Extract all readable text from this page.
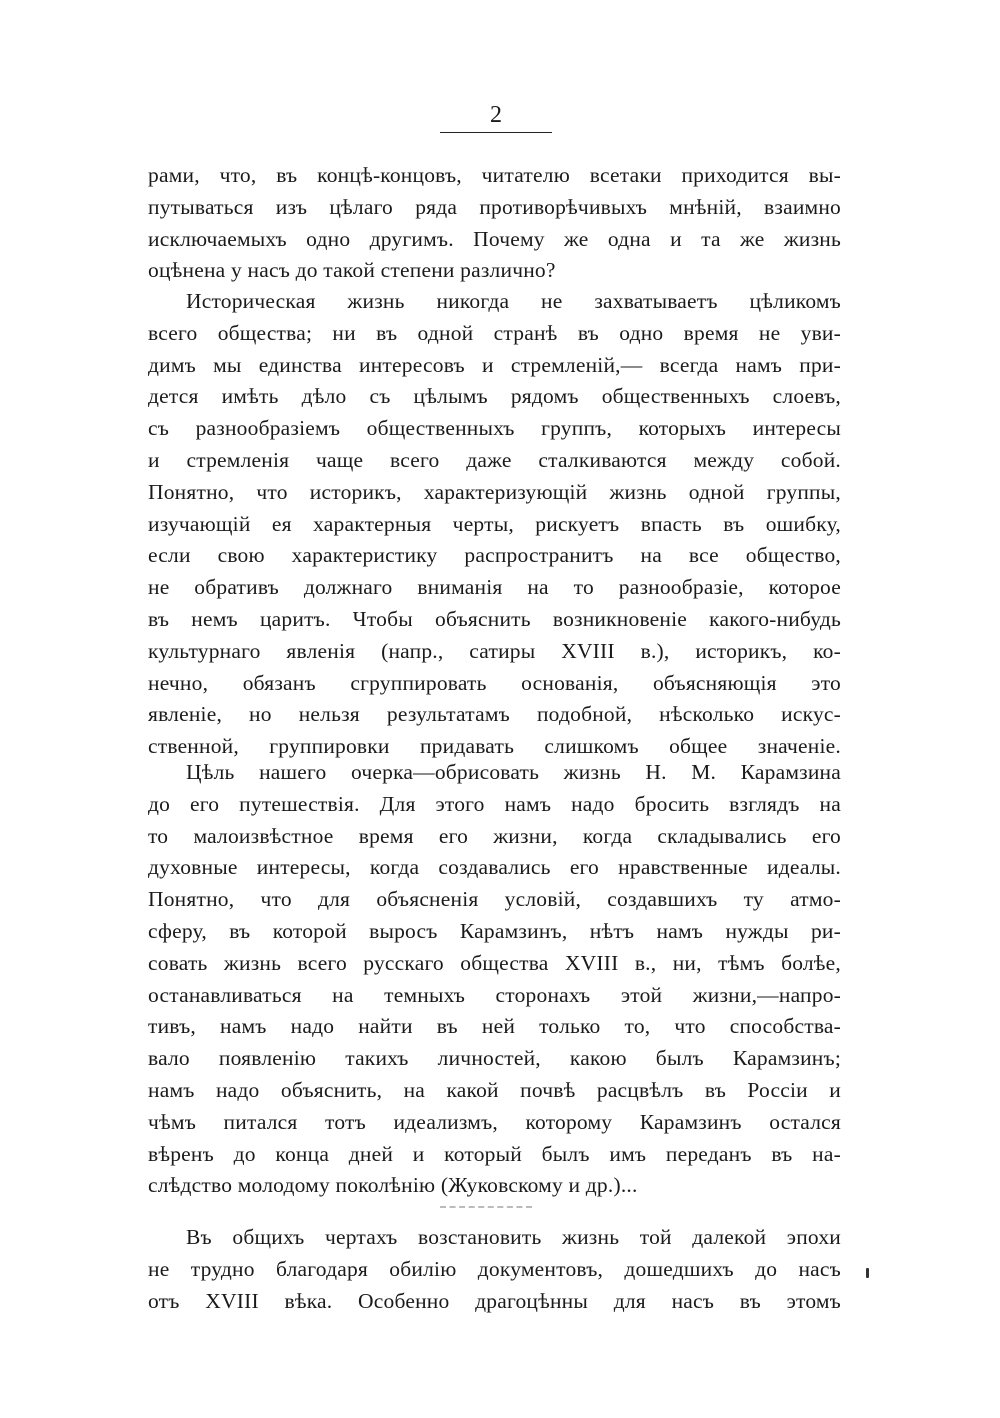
2
рами, что, въ концѣ-концовъ, читателю всетаки приходится вы-
путываться изъ цѣлаго ряда противорѣчивыхъ мнѣній, взаимно
исключаемыхъ одно другимъ. Почему же одна и та же жизнь
оцѣнена у насъ до такой степени различно?
Историческая жизнь никогда не захватываетъ цѣликомъ
всего общества; ни въ одной странѣ въ одно время не уви-
димъ мы единства интересовъ и стремленій,— всегда намъ при-
дется имѣть дѣло съ цѣлымъ рядомъ общественныхъ слоевъ,
съ разнообразіемъ общественныхъ группъ, которыхъ интересы
и стремленія чаще всего даже сталкиваются между собой.
Понятно, что историкъ, характеризующій жизнь одной группы,
изучающій ея характерныя черты, рискуетъ впасть въ ошибку,
если свою характеристику распространитъ на все общество,
не обративъ должнаго вниманія на то разнообразіе, которое
въ немъ царитъ. Чтобы объяснить возникновеніе какого-нибудь
культурнаго явленія (напр., сатиры XVIII в.), историкъ, ко-
нечно, обязанъ сгруппировать основанія, объясняющія это
явленіе, но нельзя результатамъ подобной, нѣсколько искус-
ственной, группировки придавать слишкомъ общее значеніе.
Цѣль нашего очерка—обрисовать жизнь Н. М. Карамзина
до его путешествія. Для этого намъ надо бросить взглядъ на
то малоизвѣстное время его жизни, когда складывались его
духовные интересы, когда создавались его нравственные идеалы.
Понятно, что для объясненія условій, создавшихъ ту атмо-
сферу, въ которой выросъ Карамзинъ, нѣтъ намъ нужды ри-
совать жизнь всего русскаго общества XVIII в., ни, тѣмъ болѣе,
останавливаться на темныхъ сторонахъ этой жизни,—напро-
тивъ, намъ надо найти въ ней только то, что способства-
вало появленію такихъ личностей, какою былъ Карамзинъ;
намъ надо объяснить, на какой почвѣ расцвѣлъ въ Россіи и
чѣмъ питался тотъ идеализмъ, которому Карамзинъ остался
вѣренъ до конца дней и который былъ имъ переданъ въ на-
слѣдство молодому поколѣнію (Жуковскому и др.)...
Въ общихъ чертахъ возстановить жизнь той далекой эпохи
не трудно благодаря обилію документовъ, дошедшихъ до насъ
отъ XVIII вѣка. Особенно драгоцѣнны для насъ въ этомъ
